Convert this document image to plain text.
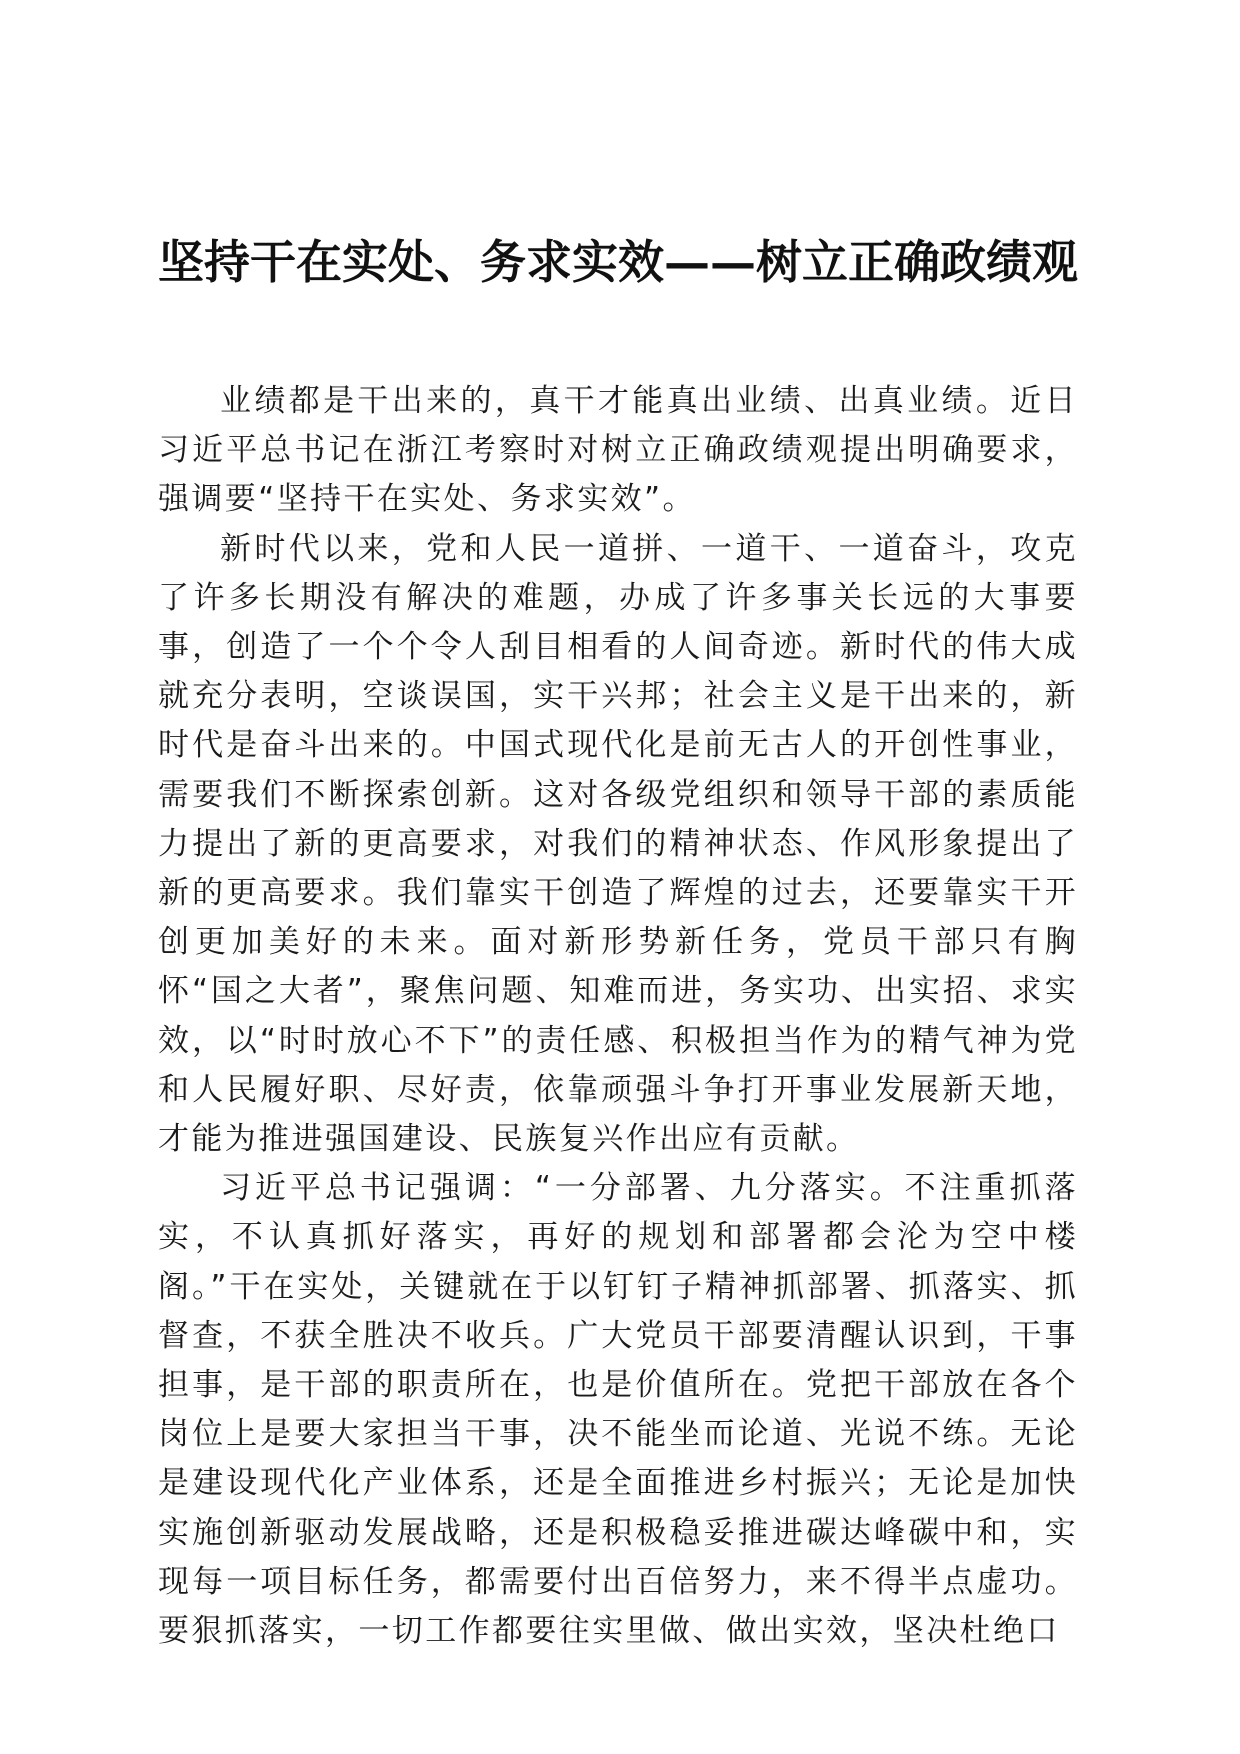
坚持干在实处、务求实效——树立正确政绩观

业绩都是干出来的，真干才能真出业绩、出真业绩。近日习近平总书记在浙江考察时对树立正确政绩观提出明确要求，强调要“坚持干在实处、务求实效”。

新时代以来，党和人民一道拼、一道干、一道奋斗，攻克了许多长期没有解决的难题，办成了许多事关长远的大事要事，创造了一个个令人刮目相看的人间奇迹。新时代的伟大成就充分表明，空谈误国，实干兴邦；社会主义是干出来的，新时代是奋斗出来的。中国式现代化是前无古人的开创性事业，需要我们不断探索创新。这对各级党组织和领导干部的素质能力提出了新的更高要求，对我们的精神状态、作风形象提出了新的更高要求。我们靠实干创造了辉煌的过去，还要靠实干开创更加美好的未来。面对新形势新任务，党员干部只有胸怀“国之大者”，聚焦问题、知难而进，务实功、出实招、求实效，以“时时放心不下”的责任感、积极担当作为的精气神为党和人民履好职、尽好责，依靠顽强斗争打开事业发展新天地，才能为推进强国建设、民族复兴作出应有贡献。

习近平总书记强调：“一分部署、九分落实。不注重抓落实，不认真抓好落实，再好的规划和部署都会沦为空中楼阁。”干在实处，关键就在于以钉钉子精神抓部署、抓落实、抓督查，不获全胜决不收兵。广大党员干部要清醒认识到，干事担事，是干部的职责所在，也是价值所在。党把干部放在各个岗位上是要大家担当干事，决不能坐而论道、光说不练。无论是建设现代化产业体系，还是全面推进乡村振兴；无论是加快实施创新驱动发展战略，还是积极稳妥推进碳达峰碳中和，实现每一项目标任务，都需要付出百倍努力，来不得半点虚功。要狠抓落实，一切工作都要往实里做、做出实效，坚决杜绝口
